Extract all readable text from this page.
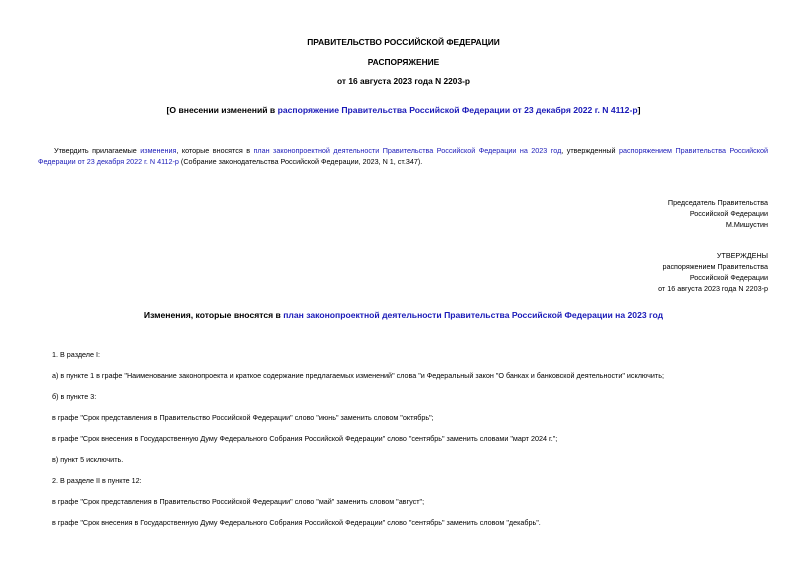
ПРАВИТЕЛЬСТВО РОССИЙСКОЙ ФЕДЕРАЦИИ
РАСПОРЯЖЕНИЕ
от 16 августа 2023 года N 2203-р
[О внесении изменений в распоряжение Правительства Российской Федерации от 23 декабря 2022 г. N 4112-р]
Утвердить прилагаемые изменения, которые вносятся в план законопроектной деятельности Правительства Российской Федерации на 2023 год, утвержденный распоряжением Правительства Российской Федерации от 23 декабря 2022 г. N 4112-р (Собрание законодательства Российской Федерации, 2023, N 1, ст.347).
Председатель Правительства
Российской Федерации
М.Мишустин
УТВЕРЖДЕНЫ
распоряжением Правительства
Российской Федерации
от 16 августа 2023 года N 2203-р
Изменения, которые вносятся в план законопроектной деятельности Правительства Российской Федерации на 2023 год
1. В разделе I:
а) в пункте 1 в графе "Наименование законопроекта и краткое содержание предлагаемых изменений" слова "и Федеральный закон "О банках и банковской деятельности" исключить;
б) в пункте 3:
в графе "Срок представления в Правительство Российской Федерации" слово "июнь" заменить словом "октябрь";
в графе "Срок внесения в Государственную Думу Федерального Собрания Российской Федерации" слово "сентябрь" заменить словами "март 2024 г.";
в) пункт 5 исключить.
2. В разделе II в пункте 12:
в графе "Срок представления в Правительство Российской Федерации" слово "май" заменить словом "август";
в графе "Срок внесения в Государственную Думу Федерального Собрания Российской Федерации" слово "сентябрь" заменить словом "декабрь".
